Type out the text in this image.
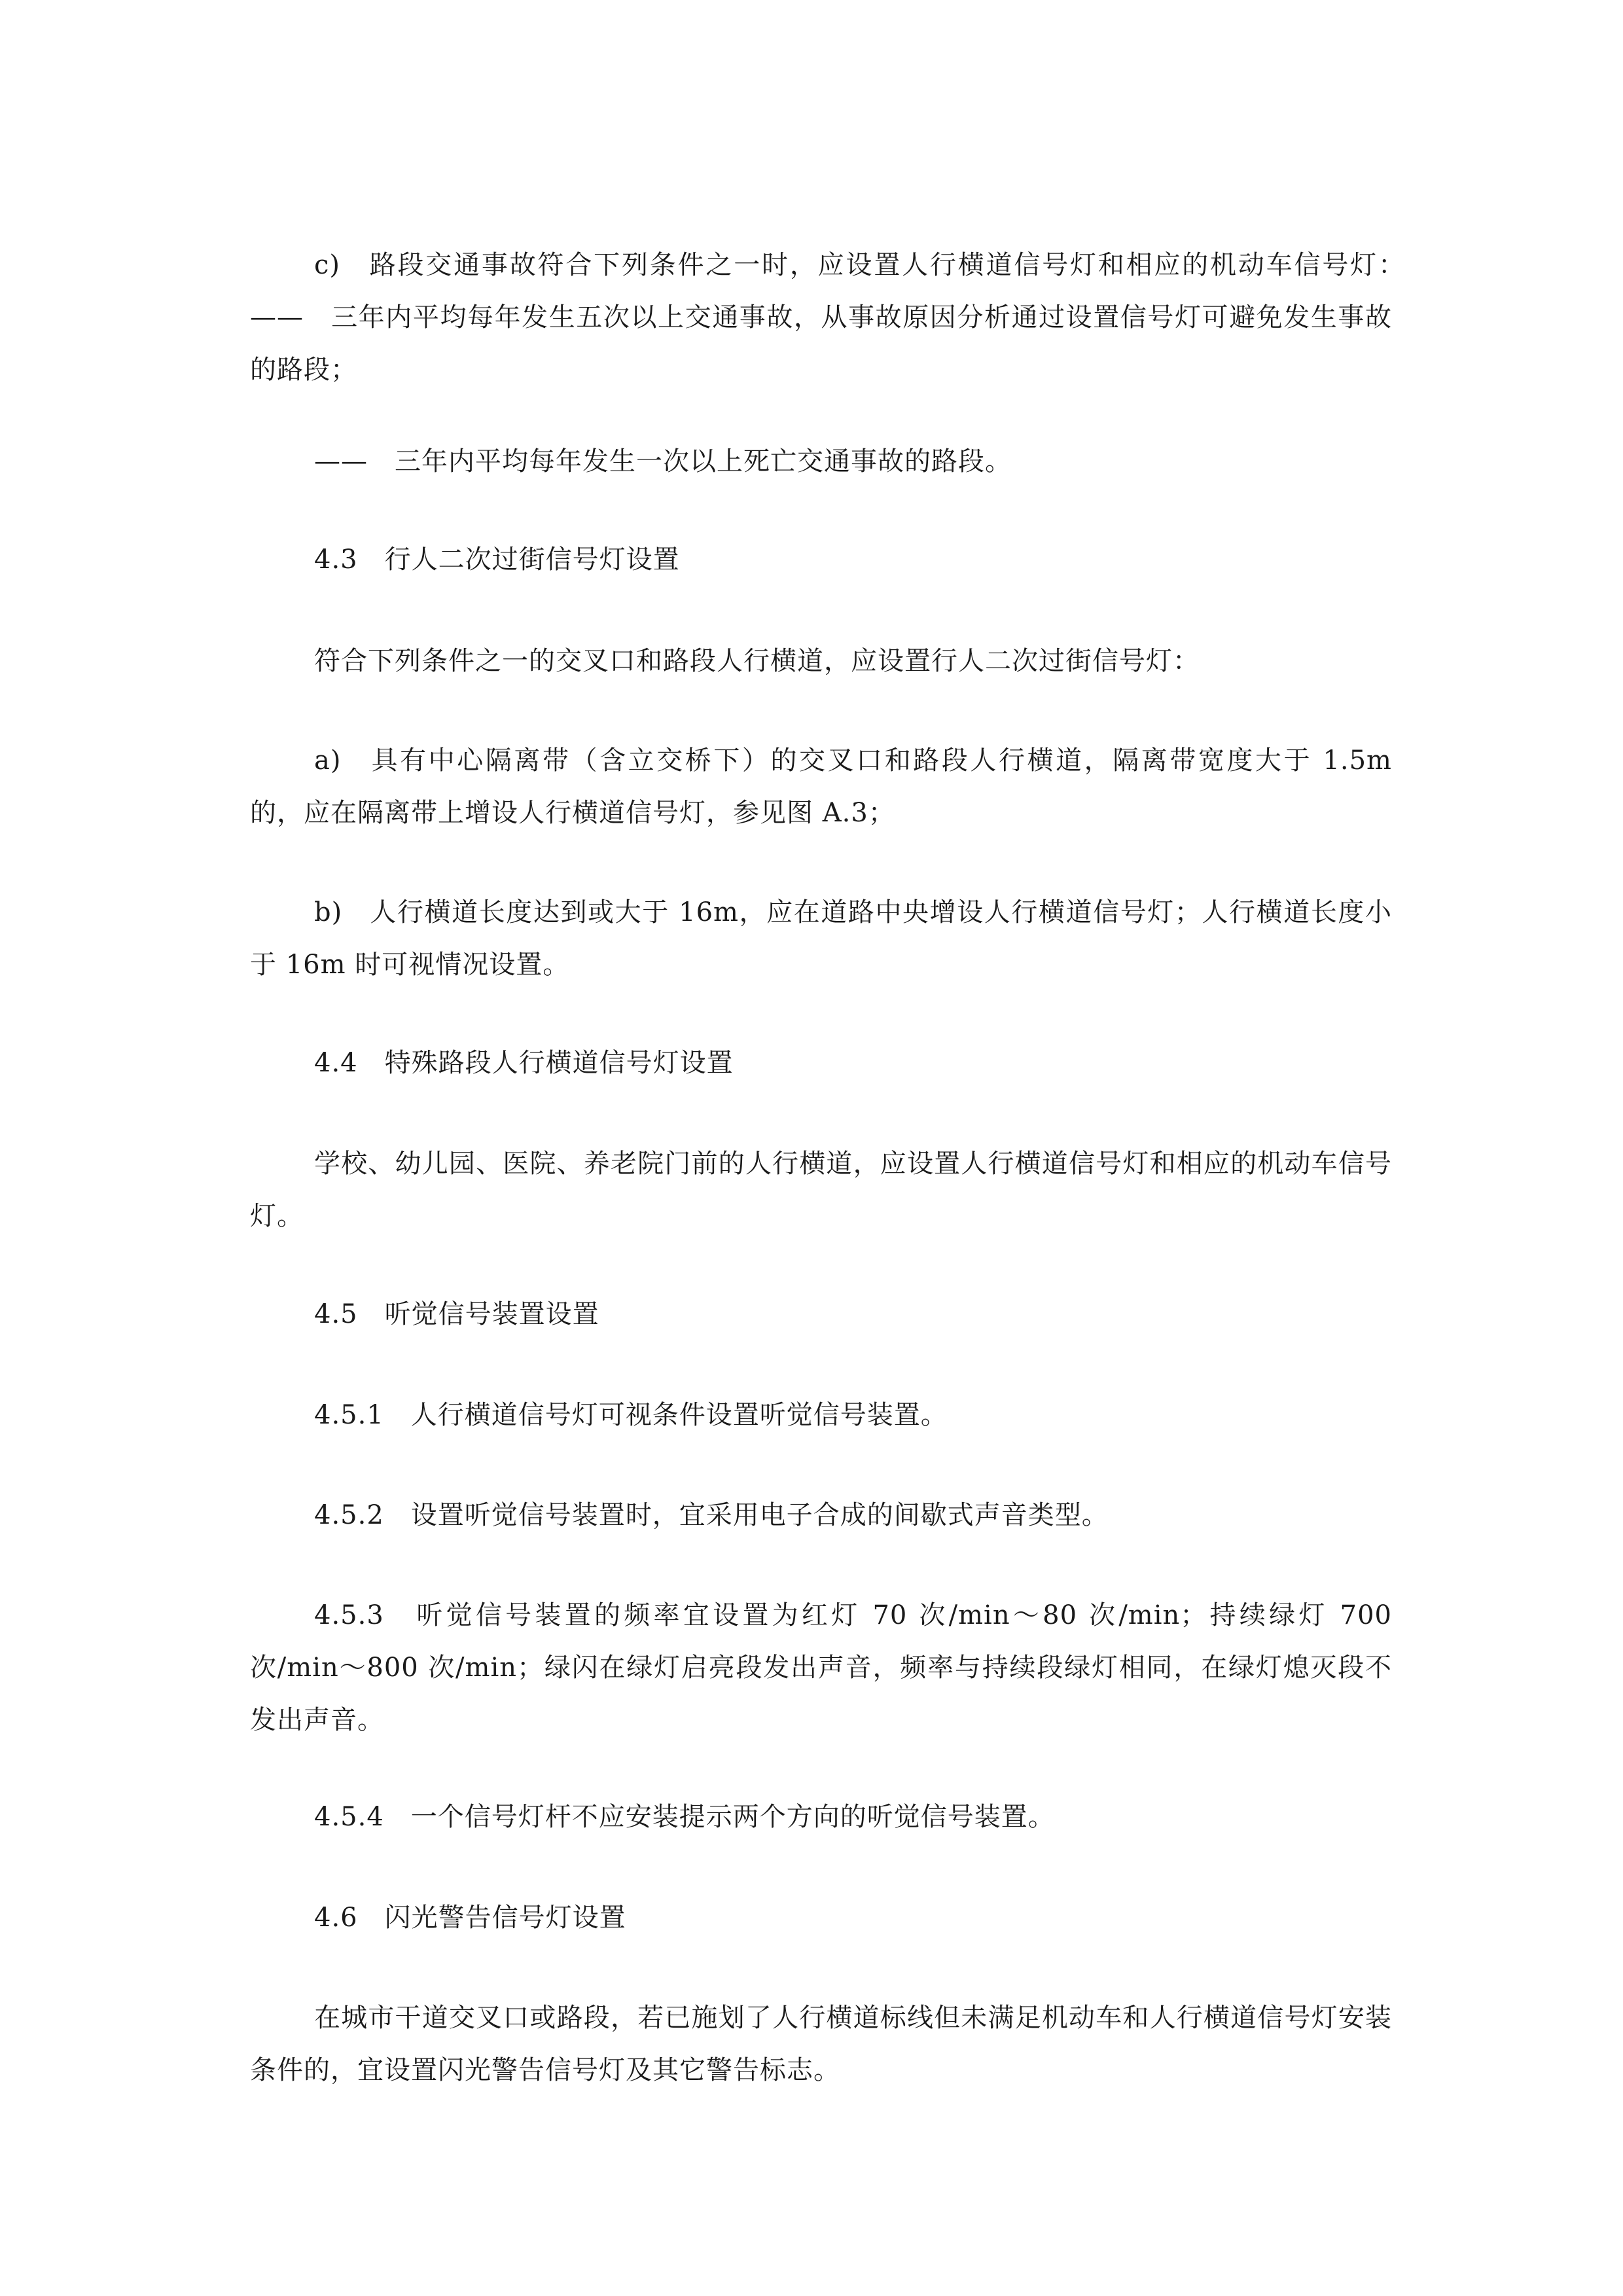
c)　路段交通事故符合下列条件之一时，应设置人行横道信号灯和相应的机动车信号灯：　——　三年内平均每年发生五次以上交通事故，从事故原因分析通过设置信号灯可避免发生事故的路段；

——　三年内平均每年发生一次以上死亡交通事故的路段。

4.3　行人二次过街信号灯设置

符合下列条件之一的交叉口和路段人行横道，应设置行人二次过街信号灯：

a)　具有中心隔离带（含立交桥下）的交叉口和路段人行横道，隔离带宽度大于 1.5m 的，应在隔离带上增设人行横道信号灯，参见图 A.3；

b)　人行横道长度达到或大于 16m，应在道路中央增设人行横道信号灯；人行横道长度小于 16m 时可视情况设置。

4.4　特殊路段人行横道信号灯设置

学校、幼儿园、医院、养老院门前的人行横道，应设置人行横道信号灯和相应的机动车信号灯。

4.5　听觉信号装置设置

4.5.1　人行横道信号灯可视条件设置听觉信号装置。

4.5.2　设置听觉信号装置时，宜采用电子合成的间歇式声音类型。

4.5.3　听觉信号装置的频率宜设置为红灯 70 次/min～80 次/min；持续绿灯 700 次/min～800 次/min；绿闪在绿灯启亮段发出声音，频率与持续段绿灯相同，在绿灯熄灭段不发出声音。

4.5.4　一个信号灯杆不应安装提示两个方向的听觉信号装置。

4.6　闪光警告信号灯设置

在城市干道交叉口或路段，若已施划了人行横道标线但未满足机动车和人行横道信号灯安装条件的，宜设置闪光警告信号灯及其它警告标志。
